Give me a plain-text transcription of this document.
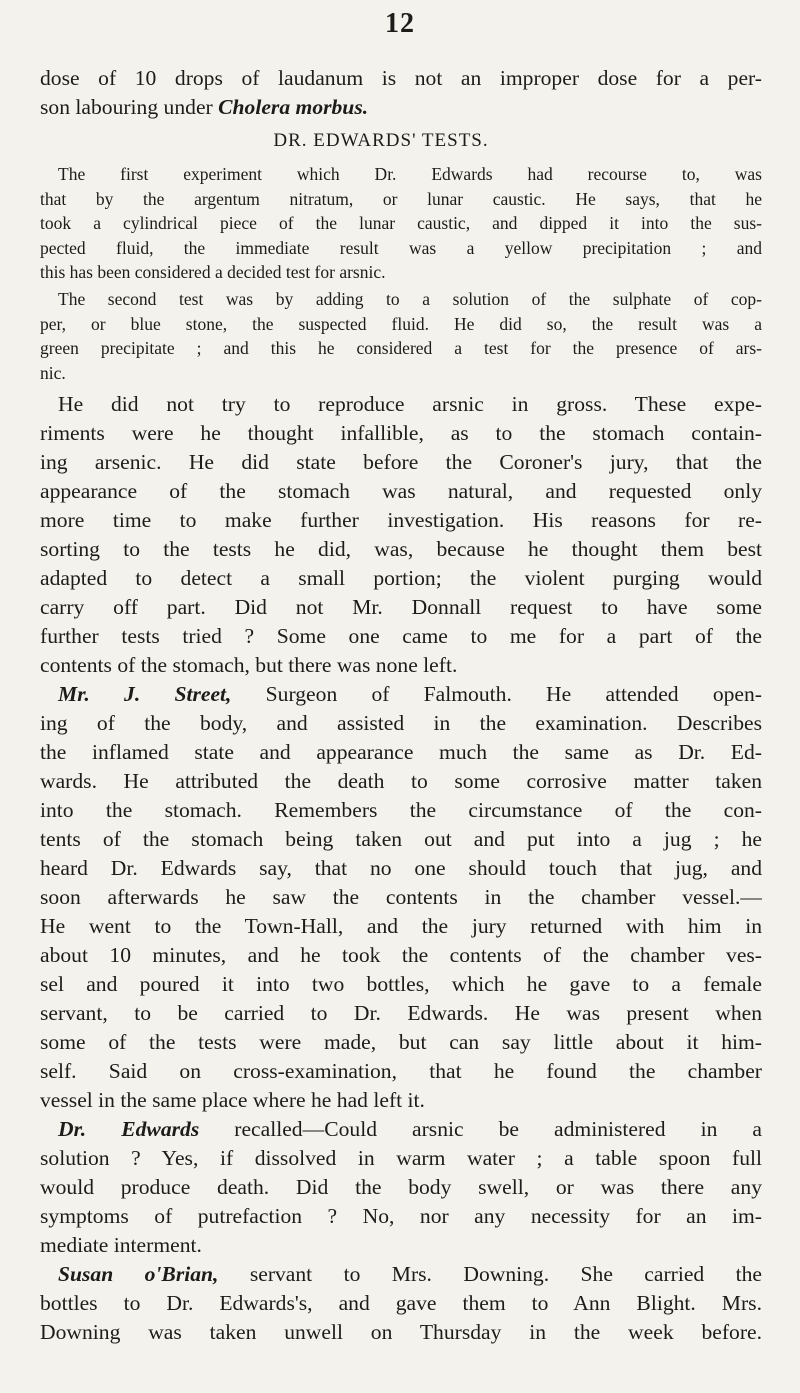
12
dose of 10 drops of laudanum is not an improper dose for a per-
son labouring under Cholera morbus.
DR. EDWARDS' TESTS.
The first experiment which Dr. Edwards had recourse to, was
that by the argentum nitratum, or lunar caustic. He says, that he
took a cylindrical piece of the lunar caustic, and dipped it into the sus-
pected fluid, the immediate result was a yellow precipitation ; and
this has been considered a decided test for arsnic.
The second test was by adding to a solution of the sulphate of cop-
per, or blue stone, the suspected fluid. He did so, the result was a
green precipitate ; and this he considered a test for the presence of ars-
nic.
He did not try to reproduce arsnic in gross. These expe-
riments were he thought infallible, as to the stomach contain-
ing arsenic. He did state before the Coroner's jury, that the
appearance of the stomach was natural, and requested only
more time to make further investigation. His reasons for re-
sorting to the tests he did, was, because he thought them best
adapted to detect a small portion; the violent purging would
carry off part. Did not Mr. Donnall request to have some
further tests tried ? Some one came to me for a part of the
contents of the stomach, but there was none left.
Mr. J. Street, Surgeon of Falmouth. He attended open-
ing of the body, and assisted in the examination. Describes
the inflamed state and appearance much the same as Dr. Ed-
wards. He attributed the death to some corrosive matter taken
into the stomach. Remembers the circumstance of the con-
tents of the stomach being taken out and put into a jug ; he
heard Dr. Edwards say, that no one should touch that jug, and
soon afterwards he saw the contents in the chamber vessel.—
He went to the Town-Hall, and the jury returned with him in
about 10 minutes, and he took the contents of the chamber ves-
sel and poured it into two bottles, which he gave to a female
servant, to be carried to Dr. Edwards. He was present when
some of the tests were made, but can say little about it him-
self. Said on cross-examination, that he found the chamber
vessel in the same place where he had left it.
Dr. Edwards recalled—Could arsnic be administered in a
solution ? Yes, if dissolved in warm water ; a table spoon full
would produce death. Did the body swell, or was there any
symptoms of putrefaction ? No, nor any necessity for an im-
mediate interment.
Susan o'Brian, servant to Mrs. Downing. She carried the
bottles to Dr. Edwards's, and gave them to Ann Blight. Mrs.
Downing was taken unwell on Thursday in the week before.
